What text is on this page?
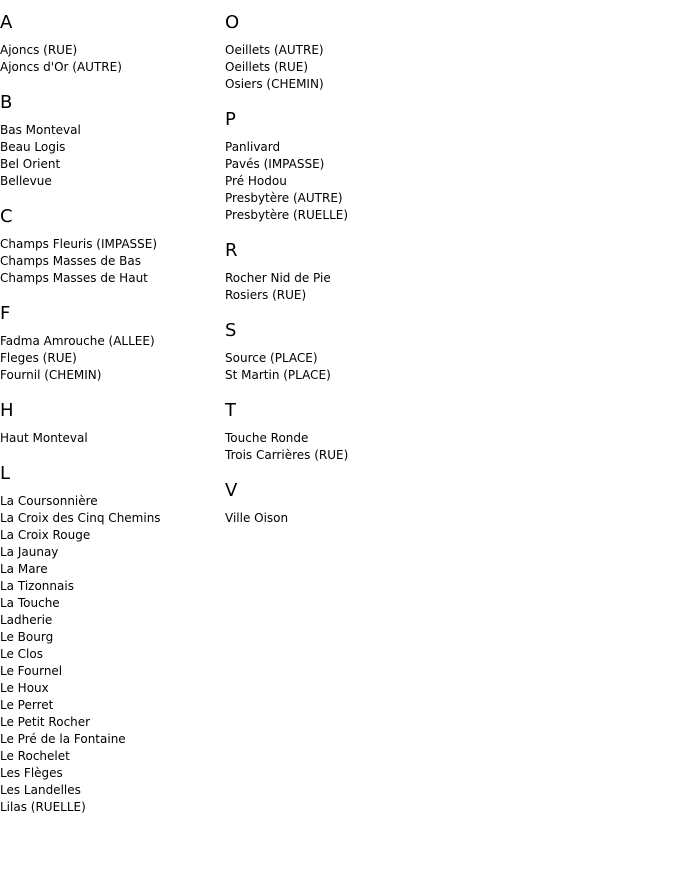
A
Ajoncs (RUE)
Ajoncs d'Or (AUTRE)
B
Bas Monteval
Beau Logis
Bel Orient
Bellevue
C
Champs Fleuris (IMPASSE)
Champs Masses de Bas
Champs Masses de Haut
F
Fadma Amrouche (ALLEE)
Fleges (RUE)
Fournil (CHEMIN)
H
Haut Monteval
L
La Coursonnière
La Croix des Cinq Chemins
La Croix Rouge
La Jaunay
La Mare
La Tizonnais
La Touche
Ladherie
Le Bourg
Le Clos
Le Fournel
Le Houx
Le Perret
Le Petit Rocher
Le Pré de la Fontaine
Le Rochelet
Les Flèges
Les Landelles
Lilas (RUELLE)
O
Oeillets (AUTRE)
Oeillets (RUE)
Osiers (CHEMIN)
P
Panlivard
Pavés (IMPASSE)
Pré Hodou
Presbytère (AUTRE)
Presbytère (RUELLE)
R
Rocher Nid de Pie
Rosiers (RUE)
S
Source (PLACE)
St Martin (PLACE)
T
Touche Ronde
Trois Carrières (RUE)
V
Ville Oison
